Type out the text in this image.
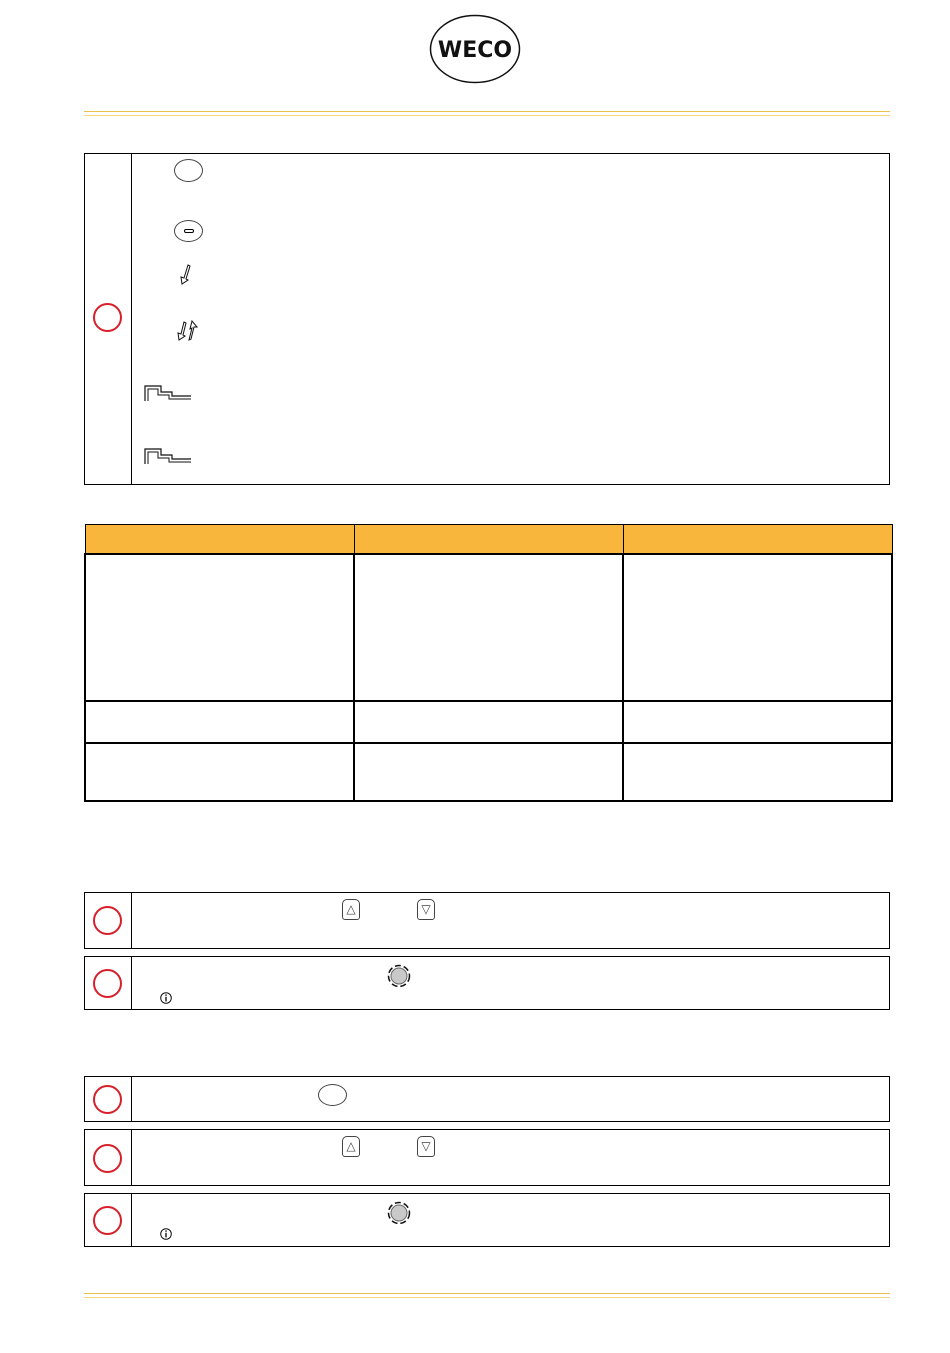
WECO

△	▽
△	▽
